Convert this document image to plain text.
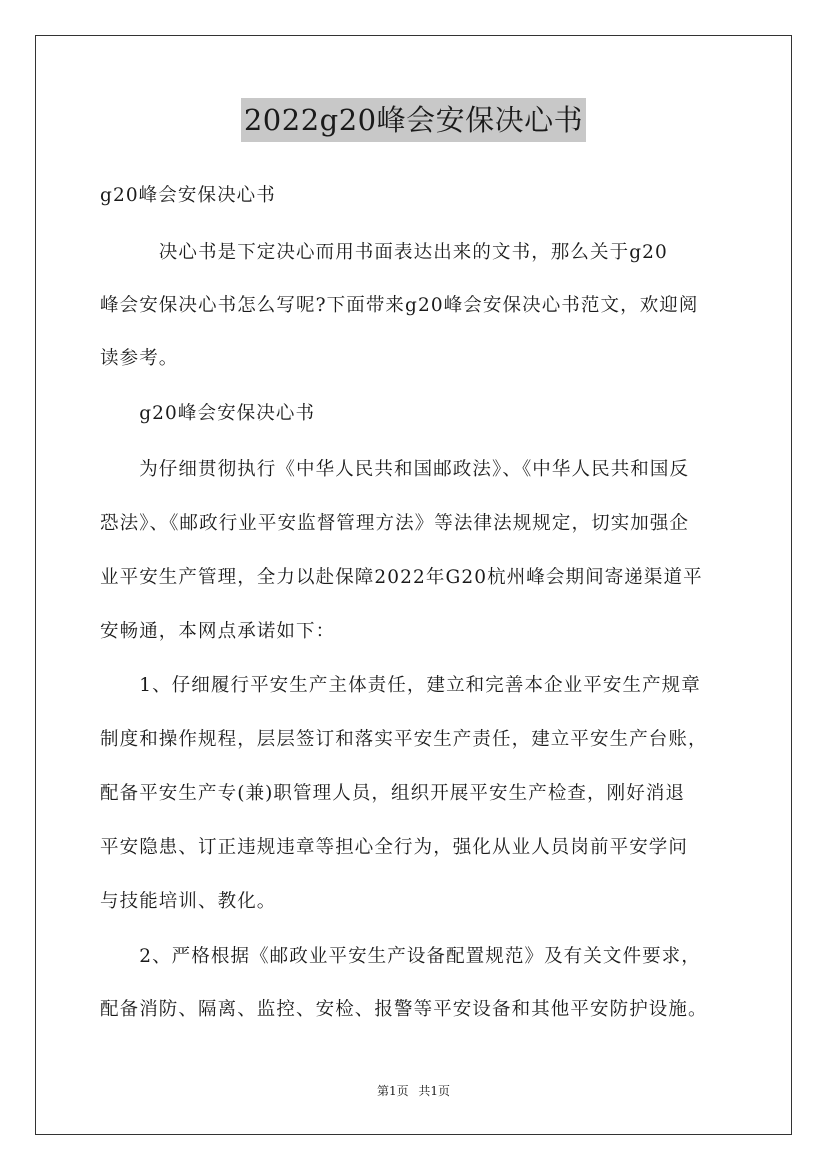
2022g20峰会安保决心书
g20峰会安保决心书
　　　决心书是下定决心而用书面表达出来的文书，那么关于g20
峰会安保决心书怎么写呢?下面带来g20峰会安保决心书范文，欢迎阅
读参考。
　　g20峰会安保决心书
　　为仔细贯彻执行《中华人民共和国邮政法》、《中华人民共和国反
恐法》、《邮政行业平安监督管理方法》等法律法规规定，切实加强企
业平安生产管理，全力以赴保障2022年G20杭州峰会期间寄递渠道平
安畅通，本网点承诺如下：
　　1、仔细履行平安生产主体责任，建立和完善本企业平安生产规章
制度和操作规程，层层签订和落实平安生产责任，建立平安生产台账，
配备平安生产专(兼)职管理人员，组织开展平安生产检查，刚好消退
平安隐患、订正违规违章等担心全行为，强化从业人员岗前平安学问
与技能培训、教化。
　　2、严格根据《邮政业平安生产设备配置规范》及有关文件要求，
配备消防、隔离、监控、安检、报警等平安设备和其他平安防护设施。
第1页 共1页
